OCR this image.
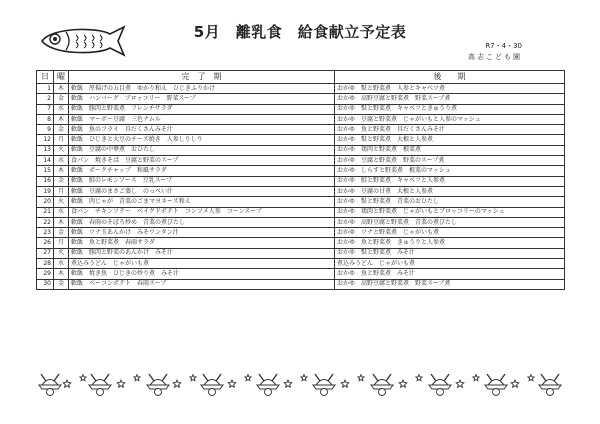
5月　離乳食　給食献立予定表
R7・4・30
高志こども園
日	曜	完　了　期	後　　期
1	木	軟飯　厚揚げの五目煮　ゆかり和え　ひじきふりかけ	おかゆ　麩と野菜煮　人参とキャベツ煮
2	金	軟飯　ハンバーグ　ブロッコリー　野菜スープ	おかゆ　高野豆腐と野菜煮　野菜スープ煮
7	水	軟飯　豚肉と野菜煮　フレンチサラダ	おかゆ　麩と野菜煮　キャベツときゅうり煮
8	木	軟飯　マーボー豆腐　三色ナムル	おかゆ　豆腐と野菜煮　じゃがいもと人参のマッシュ
9	金	軟飯　魚のフライ　具だくさんみそ汁	おかゆ　魚と野菜煮　具だくさんみそ汁
12	月	軟飯　ひじきと大豆のチーズ焼き　人参しりしり	おかゆ　麩と野菜煮　大根と人参煮
13	火	軟飯　豆腐の中華煮　おひたし	おかゆ　鶏肉と野菜煮　根菜煮
14	水	食パン　焼きそば　豆腐と野菜のスープ	おかゆ　豆腐と野菜煮　野菜のスープ煮
15	木	軟飯　ポークチャップ　和風サラダ	おかゆ　しらすと野菜煮　根菜のマッシュ
16	金	軟飯　鮭のレモンソース　豆乳スープ	おかゆ　鮭と野菜煮　キャベツと人参煮
19	月	軟飯　豆腐のまさご蒸し　のっぺい汁	おかゆ　豆腐の甘煮　大根と人参煮
20	火	軟飯　肉じゃが　青菜のごまマヨネーズ和え	おかゆ　麩と野菜煮　青菜のおひたし
21	水	食パン　チキンソテー　ベイクドポテト　コンソメ人参　コーンスープ	おかゆ　鶏肉と野菜煮　じゃがいもとブロッコリーのマッシュ
22	木	軟飯　春雨のそぼろ炒め　青菜の煮びたし	おかゆ　高野豆腐と野菜煮　青菜の煮びたし
23	金	軟飯　ツナ玉あんかけ　みそワンタン汁	おかゆ　ツナと野菜煮　じゃがいも煮
26	月	軟飯　魚と野菜煮　春雨サラダ	おかゆ　魚と野菜煮　きゅうりと人参煮
27	火	軟飯　豚肉と野菜のあんかけ　みそ汁	おかゆ　麩と野菜煮　みそ汁
28	水	煮込みうどん　じゃがいも煮	煮込みうどん　じゃがいも煮
29	木	軟飯　焼き魚　ひじきの炒り煮　みそ汁	おかゆ　魚と野菜煮　みそ汁
30	金	軟飯　ベーコンポテト　春雨スープ	おかゆ　高野豆腐と野菜煮　野菜スープ煮
